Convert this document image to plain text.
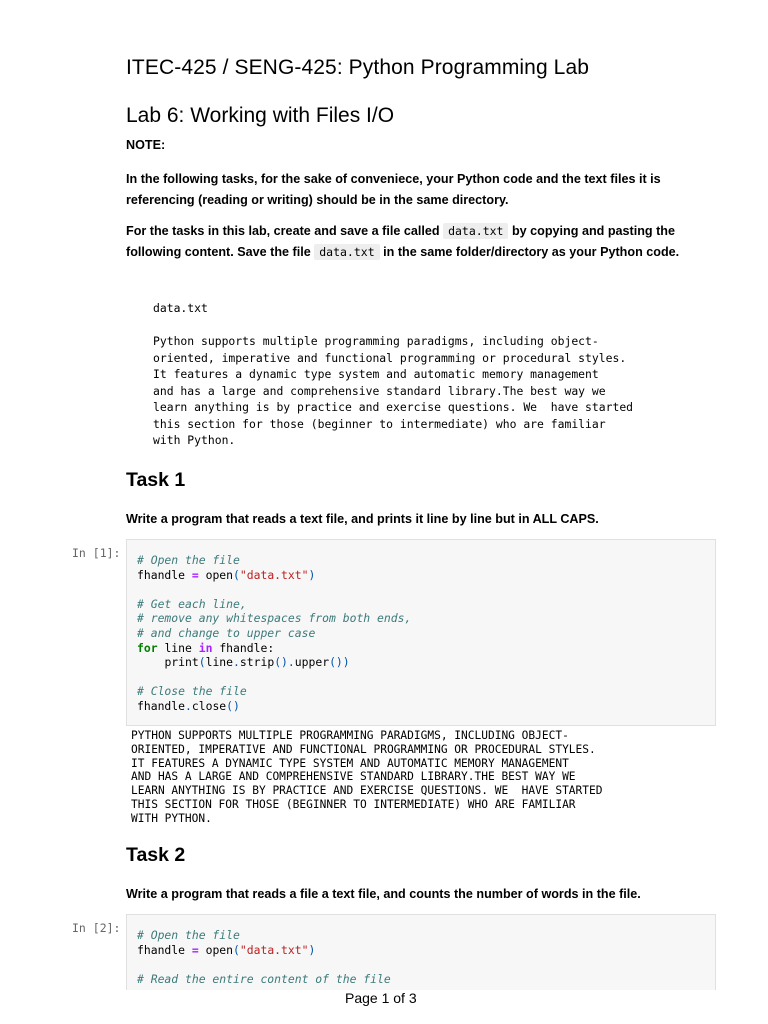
ITEC-425 / SENG-425: Python Programming Lab
Lab 6: Working with Files I/O

NOTE:

In the following tasks, for the sake of conveniece, your Python code and the text files it is referencing (reading or writing) should be in the same directory.

For the tasks in this lab, create and save a file called data.txt by copying and pasting the following content. Save the file data.txt in the same folder/directory as your Python code.

data.txt

Python supports multiple programming paradigms, including object-
oriented, imperative and functional programming or procedural styles.
It features a dynamic type system and automatic memory management
and has a large and comprehensive standard library.The best way we
learn anything is by practice and exercise questions. We  have started
this section for those (beginner to intermediate) who are familiar
with Python.
Task 1

Write a program that reads a text file, and prints it line by line but in ALL CAPS.

In [1]:	# Open the file
fhandle = open("data.txt")

# Get each line,
# remove any whitespaces from both ends,
# and change to upper case
for line in fhandle:
print(line.strip().upper())

# Close the file
fhandle.close()
PYTHON SUPPORTS MULTIPLE PROGRAMMING PARADIGMS, INCLUDING OBJECT-
ORIENTED, IMPERATIVE AND FUNCTIONAL PROGRAMMING OR PROCEDURAL STYLES.
IT FEATURES A DYNAMIC TYPE SYSTEM AND AUTOMATIC MEMORY MANAGEMENT
AND HAS A LARGE AND COMPREHENSIVE STANDARD LIBRARY.THE BEST WAY WE
LEARN ANYTHING IS BY PRACTICE AND EXERCISE QUESTIONS. WE  HAVE STARTED
THIS SECTION FOR THOSE (BEGINNER TO INTERMEDIATE) WHO ARE FAMILIAR
WITH PYTHON.
Task 2

Write a program that reads a file a text file, and counts the number of words in the file.

In [2]:	# Open the file
fhandle = open("data.txt")

# Read the entire content of the file
Page 1 of 3
